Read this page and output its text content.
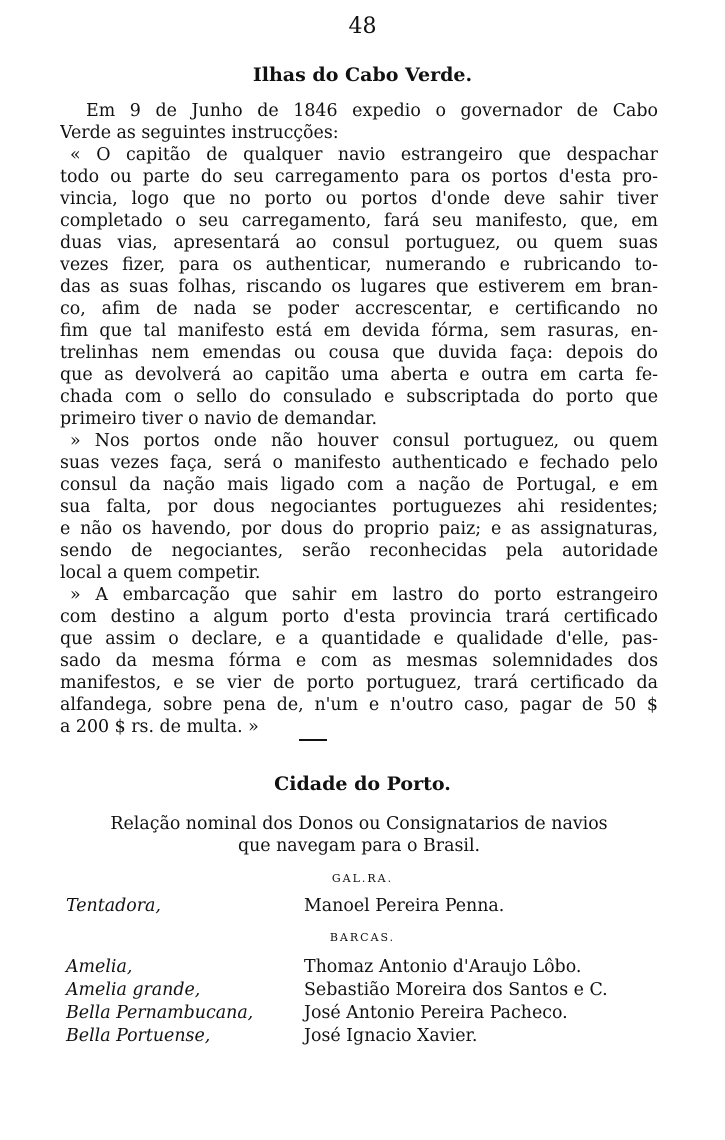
48
Ilhas do Cabo Verde.
Em 9 de Junho de 1846 expedio o governador de Cabo
Verde as seguintes instrucções:
« O capitão de qualquer navio estrangeiro que despachar
todo ou parte do seu carregamento para os portos d'esta pro-
vincia, logo que no porto ou portos d'onde deve sahir tiver
completado o seu carregamento, fará seu manifesto, que, em
duas vias, apresentará ao consul portuguez, ou quem suas
vezes fizer, para os authenticar, numerando e rubricando to-
das as suas folhas, riscando os lugares que estiverem em bran-
co, afim de nada se poder accrescentar, e certificando no
fim que tal manifesto está em devida fórma, sem rasuras, en-
trelinhas nem emendas ou cousa que duvida faça: depois do
que as devolverá ao capitão uma aberta e outra em carta fe-
chada com o sello do consulado e subscriptada do porto que
primeiro tiver o navio de demandar.
» Nos portos onde não houver consul portuguez, ou quem
suas vezes faça, será o manifesto authenticado e fechado pelo
consul da nação mais ligado com a nação de Portugal, e em
sua falta, por dous negociantes portuguezes ahi residentes;
e não os havendo, por dous do proprio paiz; e as assignaturas,
sendo de negociantes, serão reconhecidas pela autoridade
local a quem competir.
» A embarcação que sahir em lastro do porto estrangeiro
com destino a algum porto d'esta provincia trará certificado
que assim o declare, e a quantidade e qualidade d'elle, pas-
sado da mesma fórma e com as mesmas solemnidades dos
manifestos, e se vier de porto portuguez, trará certificado da
alfandega, sobre pena de, n'um e n'outro caso, pagar de 50 $
a 200 $ rs. de multa. »
Cidade do Porto.
Relação nominal dos Donos ou Consignatarios de navios
que navegam para o Brasil.
GAL.RA.
Tentadora,	Manoel Pereira Penna.
BARCAS.
Amelia,	Thomaz Antonio d'Araujo Lôbo.
Amelia grande,	Sebastião Moreira dos Santos e C.
Bella Pernambucana,	José Antonio Pereira Pacheco.
Bella Portuense,	José Ignacio Xavier.
